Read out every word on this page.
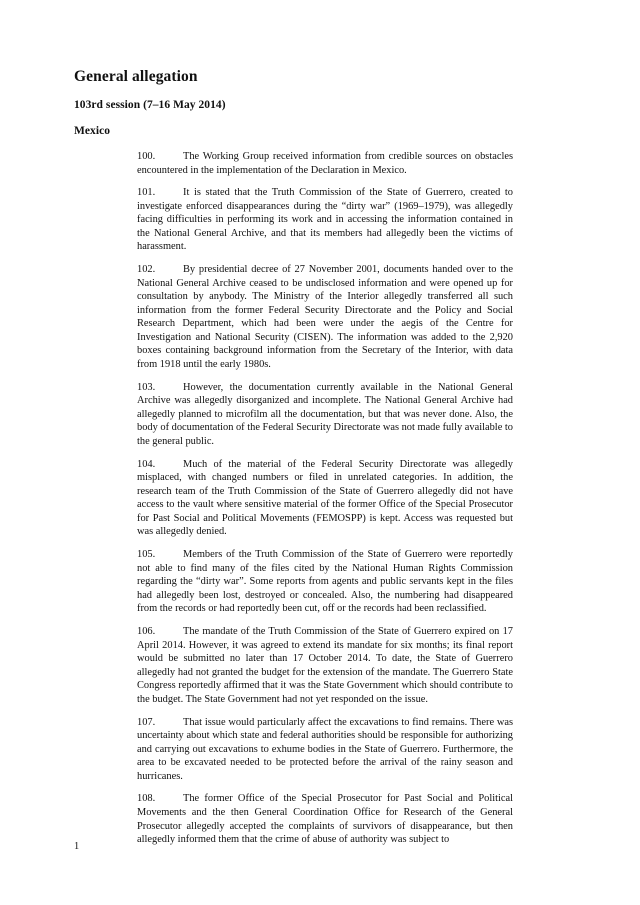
General allegation
103rd session (7–16 May 2014)
Mexico

100.	The Working Group received information from credible sources on obstacles encountered in the implementation of the Declaration in Mexico.

101.	It is stated that the Truth Commission of the State of Guerrero, created to investigate enforced disappearances during the “dirty war” (1969–1979), was allegedly facing difficulties in performing its work and in accessing the information contained in the National General Archive, and that its members had allegedly been the victims of harassment.

102.	By presidential decree of 27 November 2001, documents handed over to the National General Archive ceased to be undisclosed information and were opened up for consultation by anybody. The Ministry of the Interior allegedly transferred all such information from the former Federal Security Directorate and the Policy and Social Research Department, which had been were under the aegis of the Centre for Investigation and National Security (CISEN). The information was added to the 2,920 boxes containing background information from the Secretary of the Interior, with data from 1918 until the early 1980s.

103.	However, the documentation currently available in the National General Archive was allegedly disorganized and incomplete. The National General Archive had allegedly planned to microfilm all the documentation, but that was never done. Also, the body of documentation of the Federal Security Directorate was not made fully available to the general public.

104.	Much of the material of the Federal Security Directorate was allegedly misplaced, with changed numbers or filed in unrelated categories. In addition, the research team of the Truth Commission of the State of Guerrero allegedly did not have access to the vault where sensitive material of the former Office of the Special Prosecutor for Past Social and Political Movements (FEMOSPP) is kept. Access was requested but was allegedly denied.

105.	Members of the Truth Commission of the State of Guerrero were reportedly not able to find many of the files cited by the National Human Rights Commission regarding the “dirty war”. Some reports from agents and public servants kept in the files had allegedly been lost, destroyed or concealed. Also, the numbering had disappeared from the records or had reportedly been cut, off or the records had been reclassified.

106.	The mandate of the Truth Commission of the State of Guerrero expired on 17 April 2014. However, it was agreed to extend its mandate for six months; its final report would be submitted no later than 17 October 2014. To date, the State of Guerrero allegedly had not granted the budget for the extension of the mandate. The Guerrero State Congress reportedly affirmed that it was the State Government which should contribute to the budget. The State Government had not yet responded on the issue.

107.	That issue would particularly affect the excavations to find remains. There was uncertainty about which state and federal authorities should be responsible for authorizing and carrying out excavations to exhume bodies in the State of Guerrero. Furthermore, the area to be excavated needed to be protected before the arrival of the rainy season and hurricanes.

108.	The former Office of the Special Prosecutor for Past Social and Political Movements and the then General Coordination Office for Research of the General Prosecutor allegedly accepted the complaints of survivors of disappearance, but then allegedly informed them that the crime of abuse of authority was subject to

1
